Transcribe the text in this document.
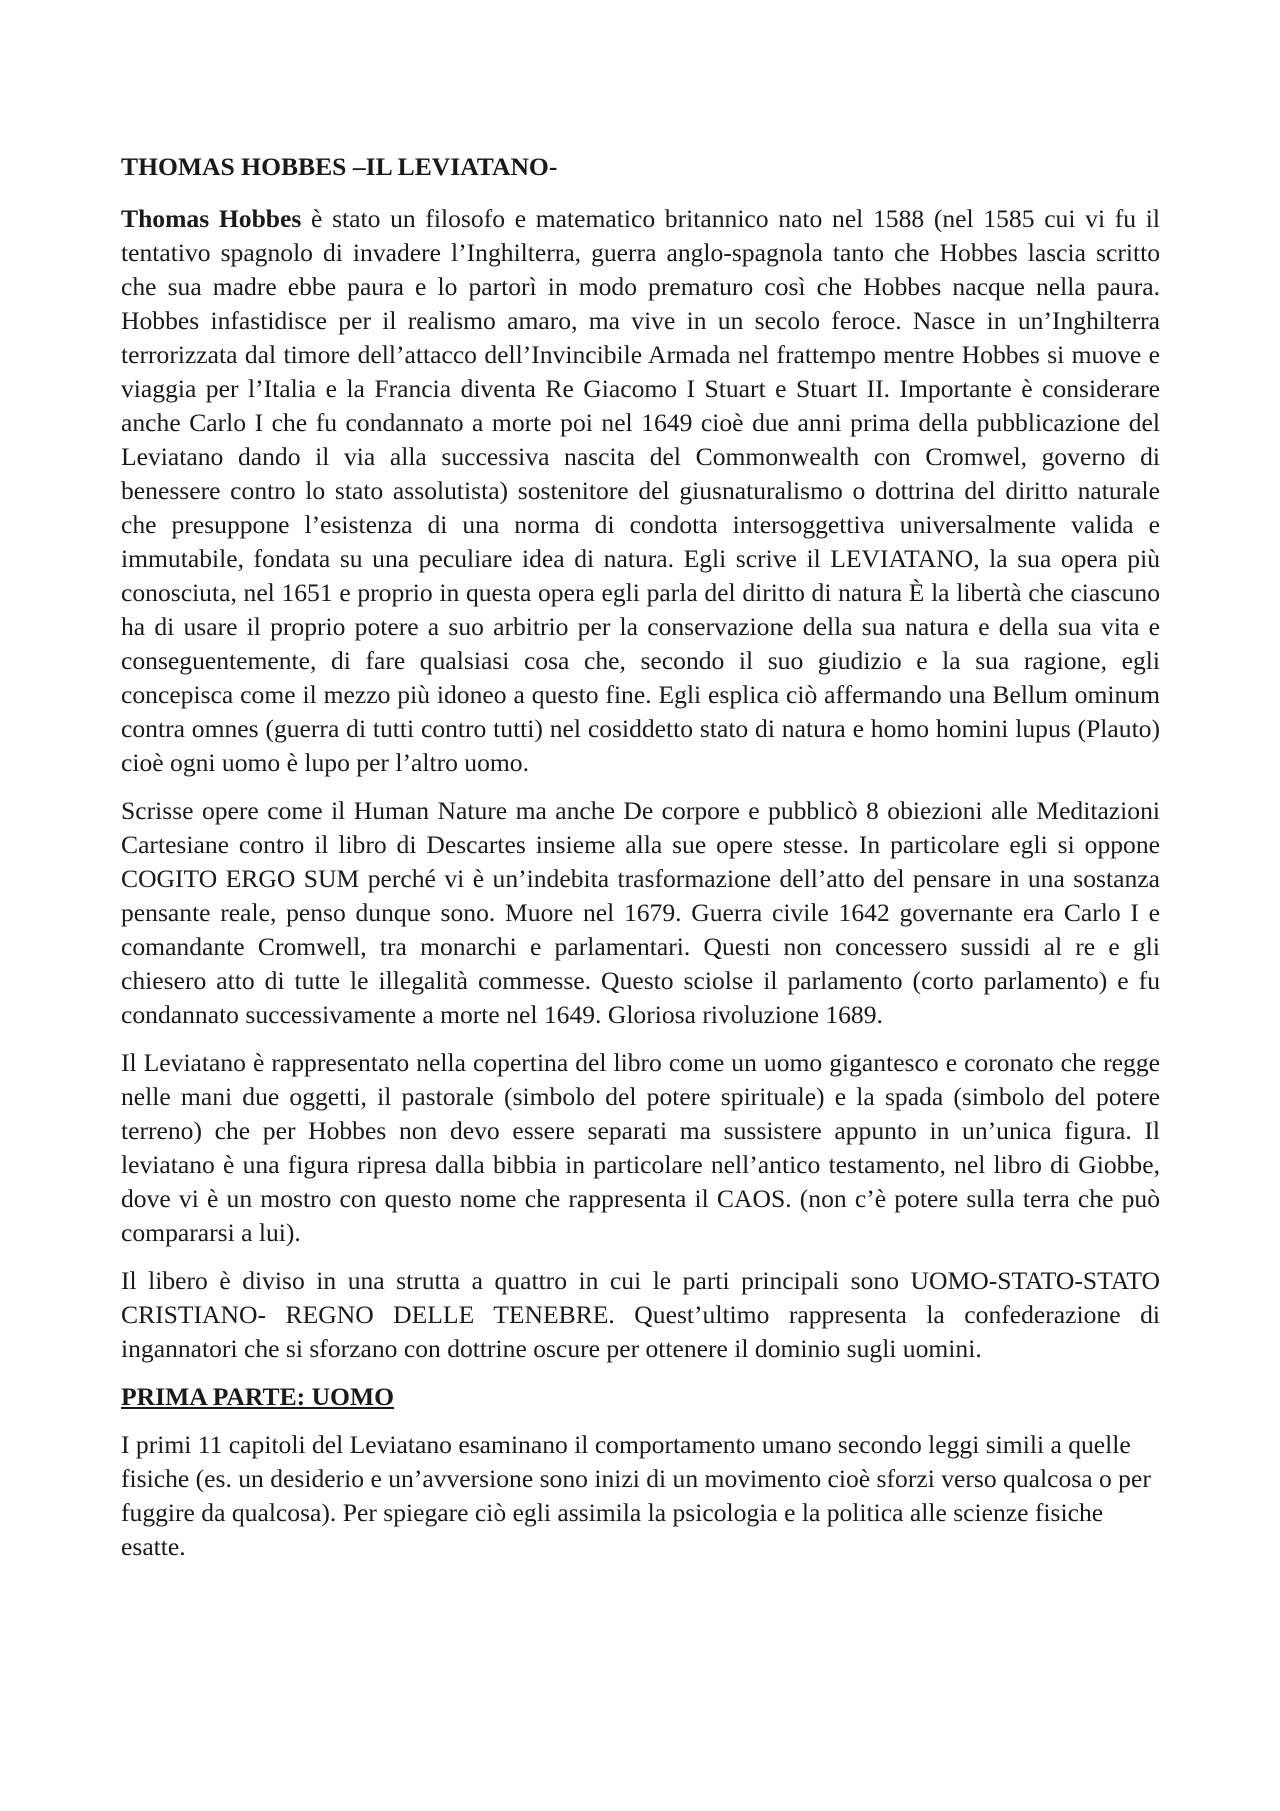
THOMAS HOBBES –IL LEVIATANO-

Thomas Hobbes è stato un filosofo e matematico britannico nato nel 1588 (nel 1585 cui vi fu il tentativo spagnolo di invadere l’Inghilterra, guerra anglo-spagnola tanto che Hobbes lascia scritto che sua madre ebbe paura e lo partorì in modo prematuro così che Hobbes nacque nella paura. Hobbes infastidisce per il realismo amaro, ma vive in un secolo feroce. Nasce in un’Inghilterra terrorizzata dal timore dell’attacco dell’Invincibile Armada nel frattempo mentre Hobbes si muove e viaggia per l’Italia e la Francia diventa Re Giacomo I Stuart e Stuart II. Importante è considerare anche Carlo I che fu condannato a morte poi nel 1649 cioè due anni prima della pubblicazione del Leviatano dando il via alla successiva nascita del Commonwealth con Cromwel, governo di benessere contro lo stato assolutista) sostenitore del giusnaturalismo o dottrina del diritto naturale che presuppone l’esistenza di una norma di condotta intersoggettiva universalmente valida e immutabile, fondata su una peculiare idea di natura. Egli scrive il LEVIATANO, la sua opera più conosciuta, nel 1651 e proprio in questa opera egli parla del diritto di natura È la libertà che ciascuno ha di usare il proprio potere a suo arbitrio per la conservazione della sua natura e della sua vita e conseguentemente, di fare qualsiasi cosa che, secondo il suo giudizio e la sua ragione, egli concepisca come il mezzo più idoneo a questo fine. Egli esplica ciò affermando una Bellum ominum contra omnes (guerra di tutti contro tutti) nel cosiddetto stato di natura e homo homini lupus (Plauto) cioè ogni uomo è lupo per l’altro uomo.

Scrisse opere come il Human Nature ma anche De corpore e pubblicò 8 obiezioni alle Meditazioni Cartesiane contro il libro di Descartes insieme alla sue opere stesse. In particolare egli si oppone COGITO ERGO SUM perché vi è un’indebita trasformazione dell’atto del pensare in una sostanza pensante reale, penso dunque sono. Muore nel 1679. Guerra civile 1642 governante era Carlo I e comandante Cromwell, tra monarchi e parlamentari. Questi non concessero sussidi al re e gli chiesero atto di tutte le illegalità commesse. Questo sciolse il parlamento (corto parlamento) e fu condannato successivamente a morte nel 1649. Gloriosa rivoluzione 1689.

Il Leviatano è rappresentato nella copertina del libro come un uomo gigantesco e coronato che regge nelle mani due oggetti, il pastorale (simbolo del potere spirituale) e la spada (simbolo del potere terreno) che per Hobbes non devo essere separati ma sussistere appunto in un’unica figura. Il leviatano è una figura ripresa dalla bibbia in particolare nell’antico testamento, nel libro di Giobbe, dove vi è un mostro con questo nome che rappresenta il CAOS. (non c’è potere sulla terra che può compararsi a lui).

Il libero è diviso in una strutta a quattro in cui le parti principali sono UOMO-STATO-STATO CRISTIANO- REGNO DELLE TENEBRE. Quest’ultimo rappresenta la confederazione di ingannatori che si sforzano con dottrine oscure per ottenere il dominio sugli uomini.

PRIMA PARTE: UOMO

I primi 11 capitoli del Leviatano esaminano il comportamento umano secondo leggi simili a quelle fisiche (es. un desiderio e un’avversione sono inizi di un movimento cioè sforzi verso qualcosa o per fuggire da qualcosa). Per spiegare ciò egli assimila la psicologia e la politica alle scienze fisiche esatte.
